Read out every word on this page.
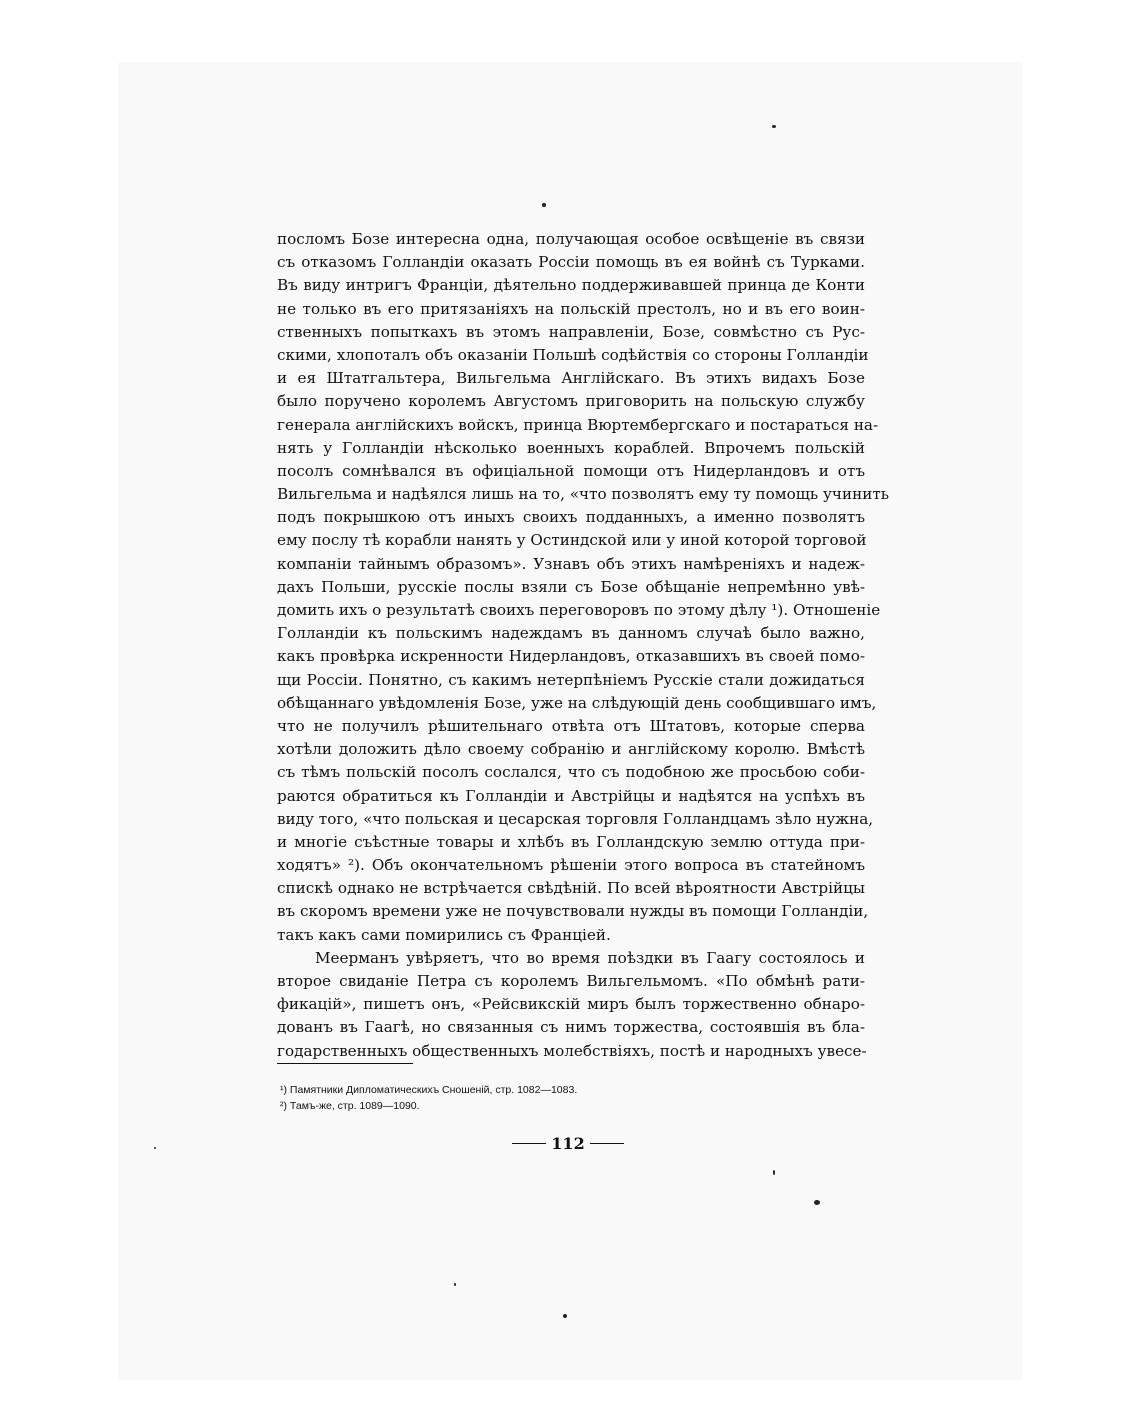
посломъ Бозе интересна одна, получающая особое освѣщеніе въ связи
съ отказомъ Голландіи оказать Россіи помощь въ ея войнѣ съ Турками.
Въ виду интригъ Франціи, дѣятельно поддерживавшей принца де Конти
не только въ его притязаніяхъ на польскій престолъ, но и въ его воин-
ственныхъ попыткахъ въ этомъ направленіи, Бозе, совмѣстно съ Рус-
скими, хлопоталъ объ оказаніи Польшѣ содѣйствія со стороны Голландіи
и ея Штатгальтера, Вильгельма Англійскаго. Въ этихъ видахъ Бозе
было поручено королемъ Августомъ приговорить на польскую службу
генерала англійскихъ войскъ, принца Вюртембергскаго и постараться на-
нять у Голландіи нѣсколько военныхъ кораблей. Впрочемъ польскій
посолъ сомнѣвался въ офиціальной помощи отъ Нидерландовъ и отъ
Вильгельма и надѣялся лишь на то, «что позволятъ ему ту помощь учинить
подъ покрышкою отъ иныхъ своихъ подданныхъ, а именно позволятъ
ему послу тѣ корабли нанять у Остиндской или у иной которой торговой
компаніи тайнымъ образомъ». Узнавъ объ этихъ намѣреніяхъ и надеж-
дахъ Польши, русскіе послы взяли съ Бозе обѣщаніе непремѣнно увѣ-
домить ихъ о результатѣ своихъ переговоровъ по этому дѣлу ¹). Отношеніе
Голландіи къ польскимъ надеждамъ въ данномъ случаѣ было важно,
какъ провѣрка искренности Нидерландовъ, отказавшихъ въ своей помо-
щи Россіи. Понятно, съ какимъ нетерпѣніемъ Русскіе стали дожидаться
обѣщаннаго увѣдомленія Бозе, уже на слѣдующій день сообщившаго имъ,
что не получилъ рѣшительнаго отвѣта отъ Штатовъ, которые сперва
хотѣли доложить дѣло своему собранію и англійскому королю. Вмѣстѣ
съ тѣмъ польскій посолъ сослался, что съ подобною же просьбою соби-
раются обратиться къ Голландіи и Австрійцы и надѣятся на успѣхъ въ
виду того, «что польская и цесарская торговля Голландцамъ зѣло нужна,
и многіе съѣстные товары и хлѣбъ въ Голландскую землю оттуда при-
ходятъ» ²). Объ окончательномъ рѣшеніи этого вопроса въ статейномъ
спискѣ однако не встрѣчается свѣдѣній. По всей вѣроятности Австрійцы
въ скоромъ времени уже не почувствовали нужды въ помощи Голландіи,
такъ какъ сами помирились съ Франціей.
Меерманъ увѣряетъ, что во время поѣздки въ Гаагу состоялось и
второе свиданіе Петра съ королемъ Вильгельмомъ. «По обмѣнѣ рати-
фикацій», пишетъ онъ, «Рейсвикскій миръ былъ торжественно обнаро-
дованъ въ Гаагѣ, но связанныя съ нимъ торжества, состоявшія въ бла-
годарственныхъ общественныхъ молебствіяхъ, постѣ и народныхъ увесе-
¹) Памятники Дипломатическихъ Сношеній, стр. 1082—1083.
²) Тамъ-же, стр. 1089—1090.
112
